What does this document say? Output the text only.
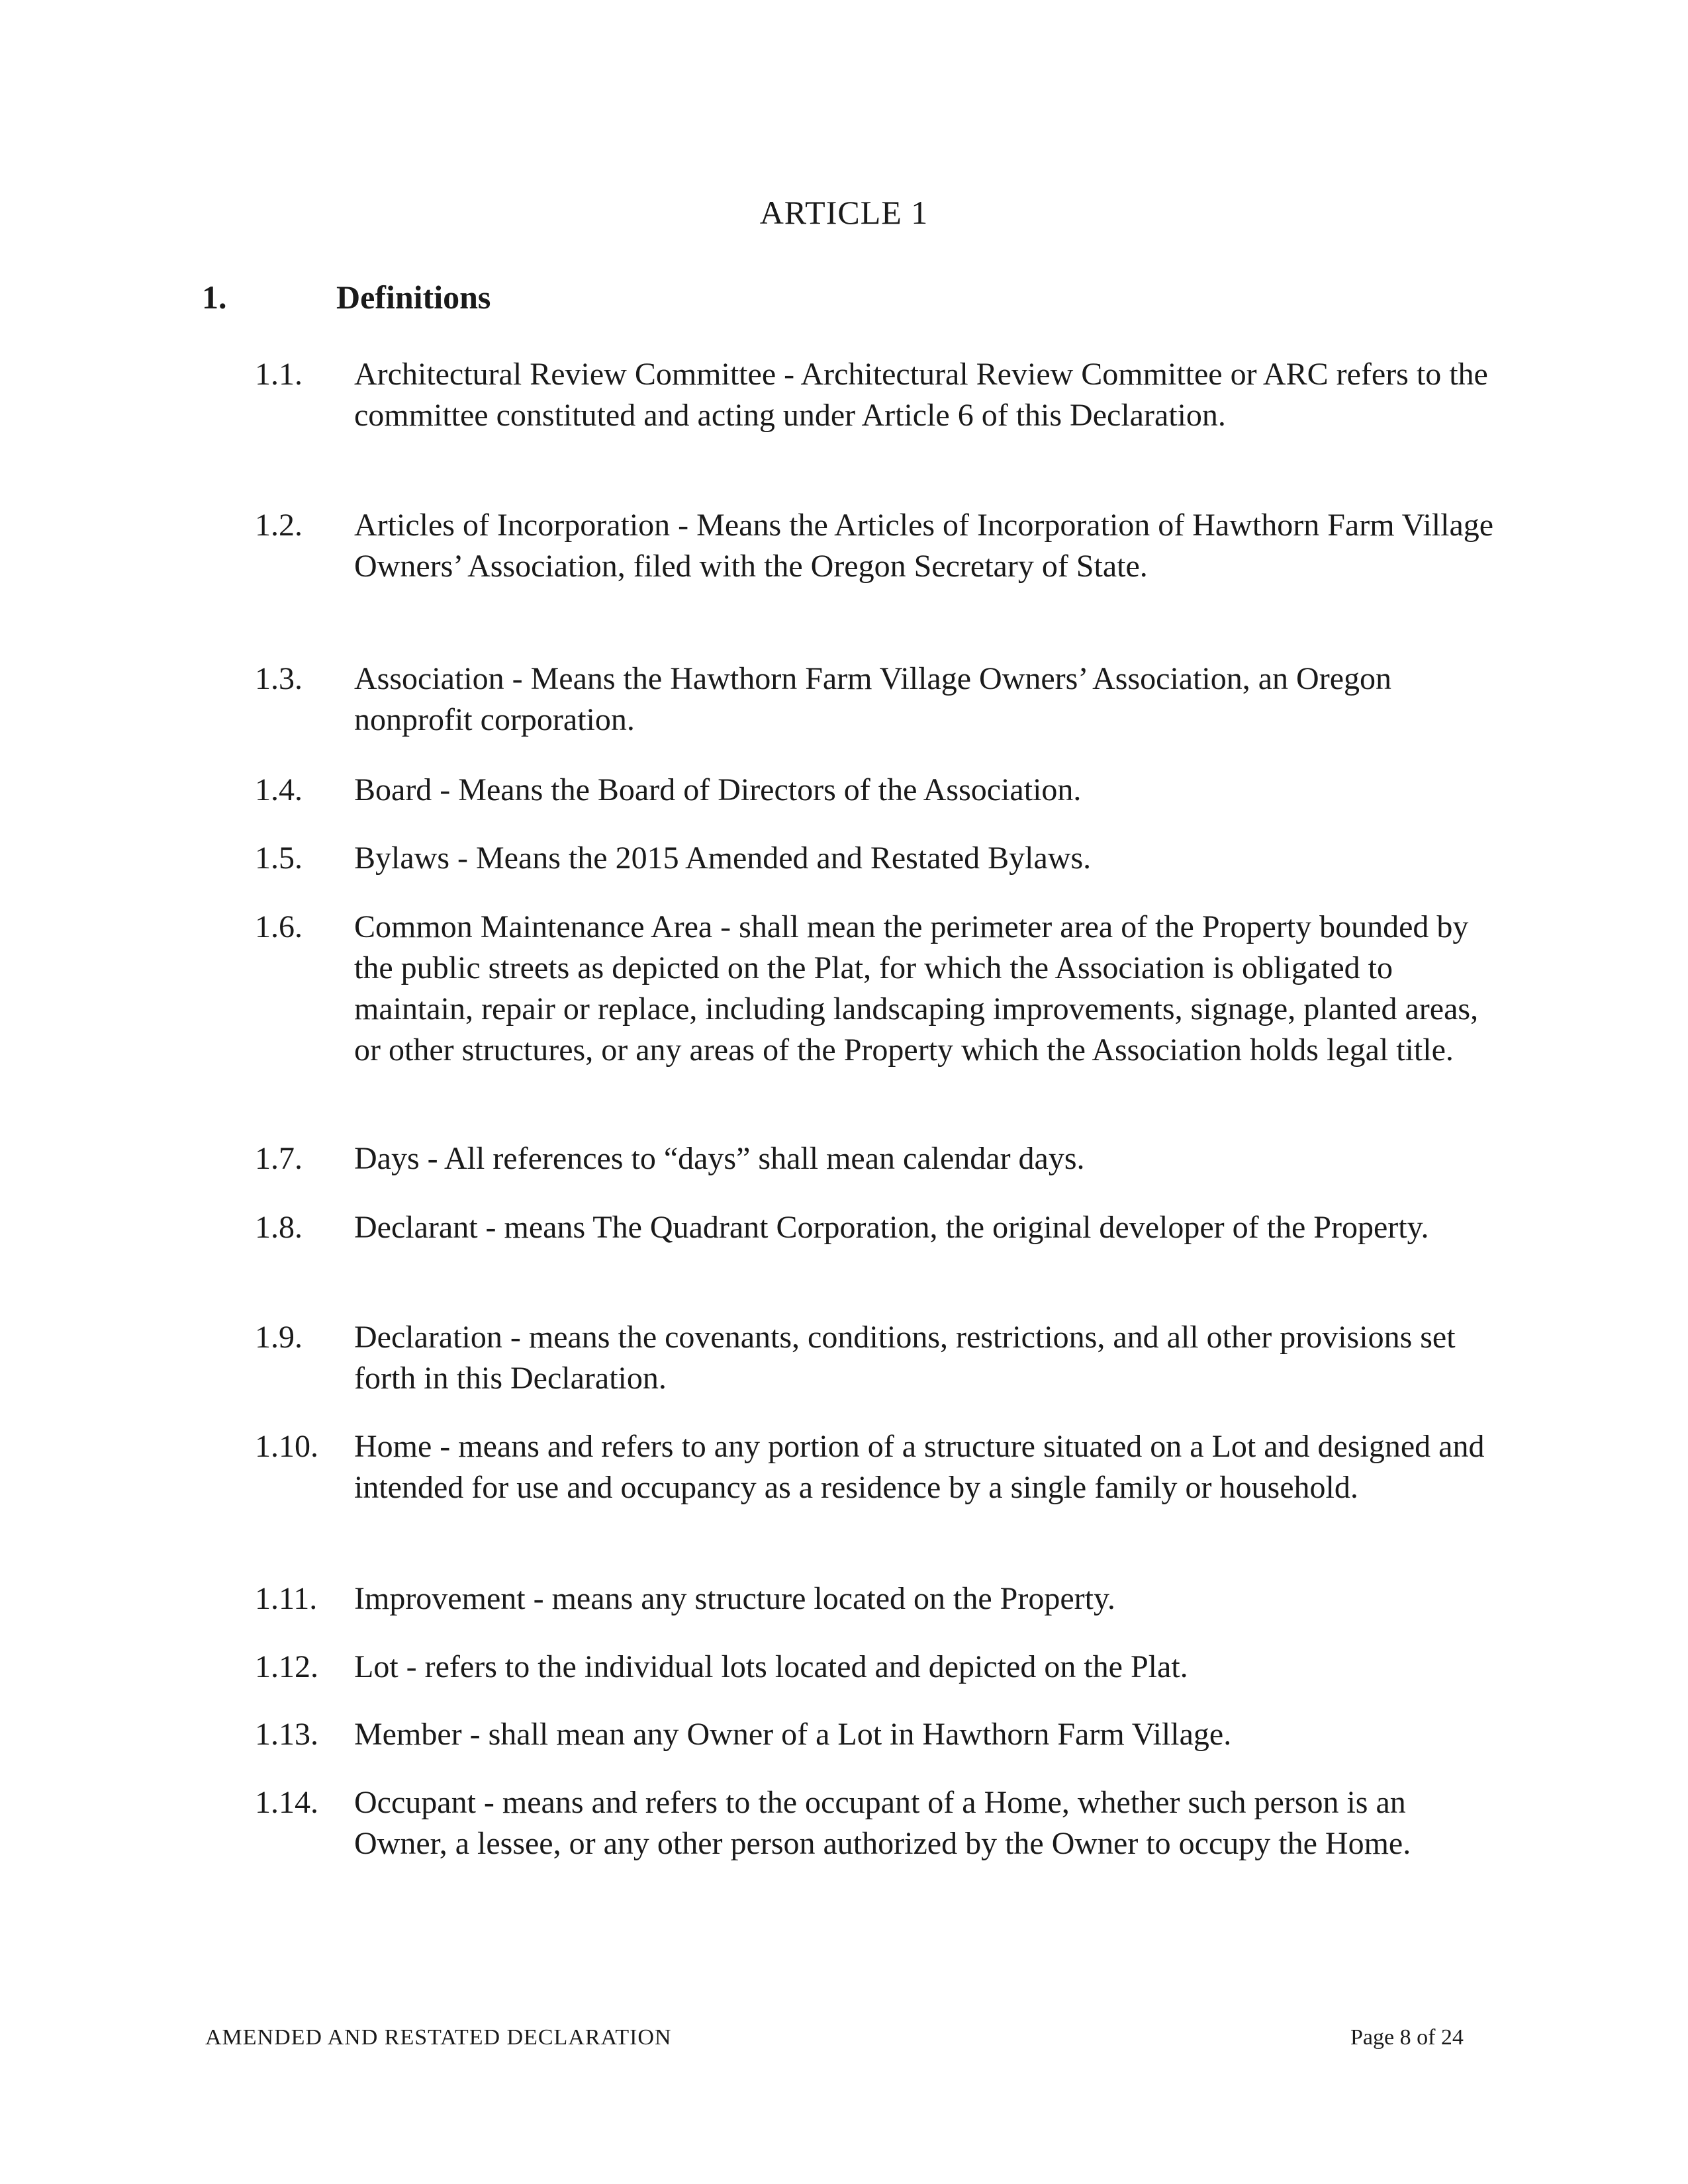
ARTICLE 1
1.	Definitions
1.1. Architectural Review Committee - Architectural Review Committee or ARC refers to the committee constituted and acting under Article 6 of this Declaration.
1.2. Articles of Incorporation - Means the Articles of Incorporation of Hawthorn Farm Village Owners’ Association, filed with the Oregon Secretary of State.
1.3. Association - Means the Hawthorn Farm Village Owners’ Association, an Oregon nonprofit corporation.
1.4. Board - Means the Board of Directors of the Association.
1.5. Bylaws - Means the 2015 Amended and Restated Bylaws.
1.6. Common Maintenance Area - shall mean the perimeter area of the Property bounded by the public streets as depicted on the Plat, for which the Association is obligated to maintain, repair or replace, including landscaping improvements, signage, planted areas, or other structures, or any areas of the Property which the Association holds legal title.
1.7. Days - All references to “days” shall mean calendar days.
1.8. Declarant - means The Quadrant Corporation, the original developer of the Property.
1.9. Declaration - means the covenants, conditions, restrictions, and all other provisions set forth in this Declaration.
1.10. Home - means and refers to any portion of a structure situated on a Lot and designed and intended for use and occupancy as a residence by a single family or household.
1.11. Improvement - means any structure located on the Property.
1.12. Lot - refers to the individual lots located and depicted on the Plat.
1.13. Member - shall mean any Owner of a Lot in Hawthorn Farm Village.
1.14. Occupant - means and refers to the occupant of a Home, whether such person is an Owner, a lessee, or any other person authorized by the Owner to occupy the Home.
AMENDED AND RESTATED DECLARATION	Page 8 of 24
